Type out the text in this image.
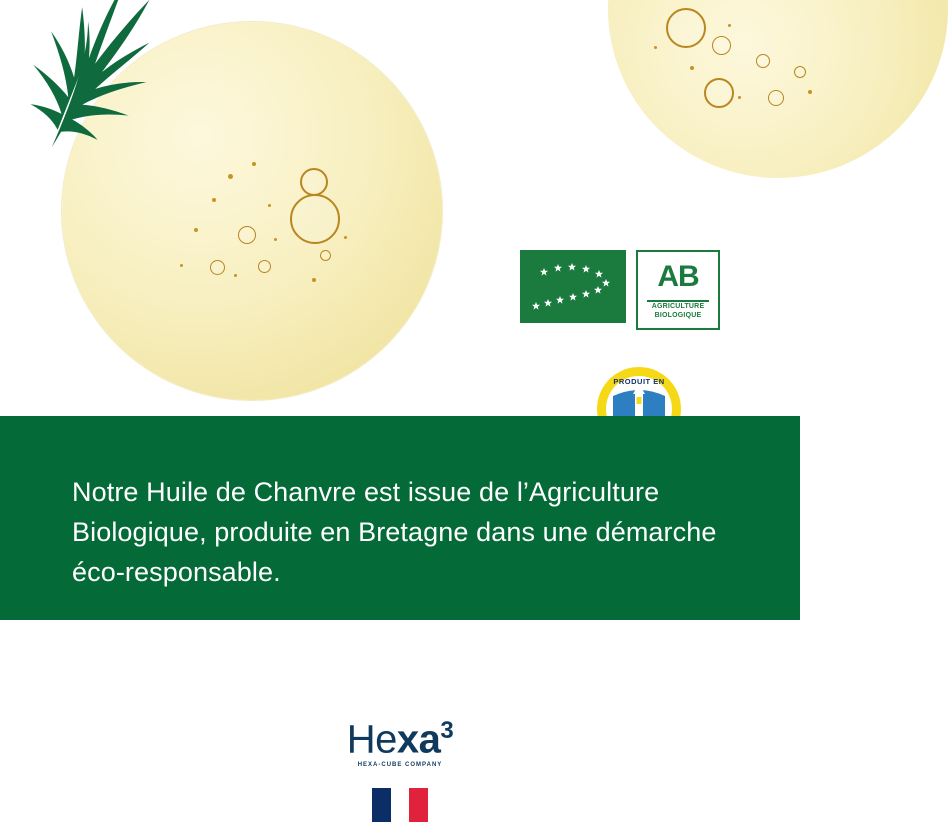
AB
AGRICULTURE
BIOLOGIQUE
PRODUIT EN

Notre Huile de Chanvre est issue de l’Agriculture Biologique, produite en Bretagne dans une démarche éco-responsable.

Hexa$^3$
HEXA-CUBE COMPANY
